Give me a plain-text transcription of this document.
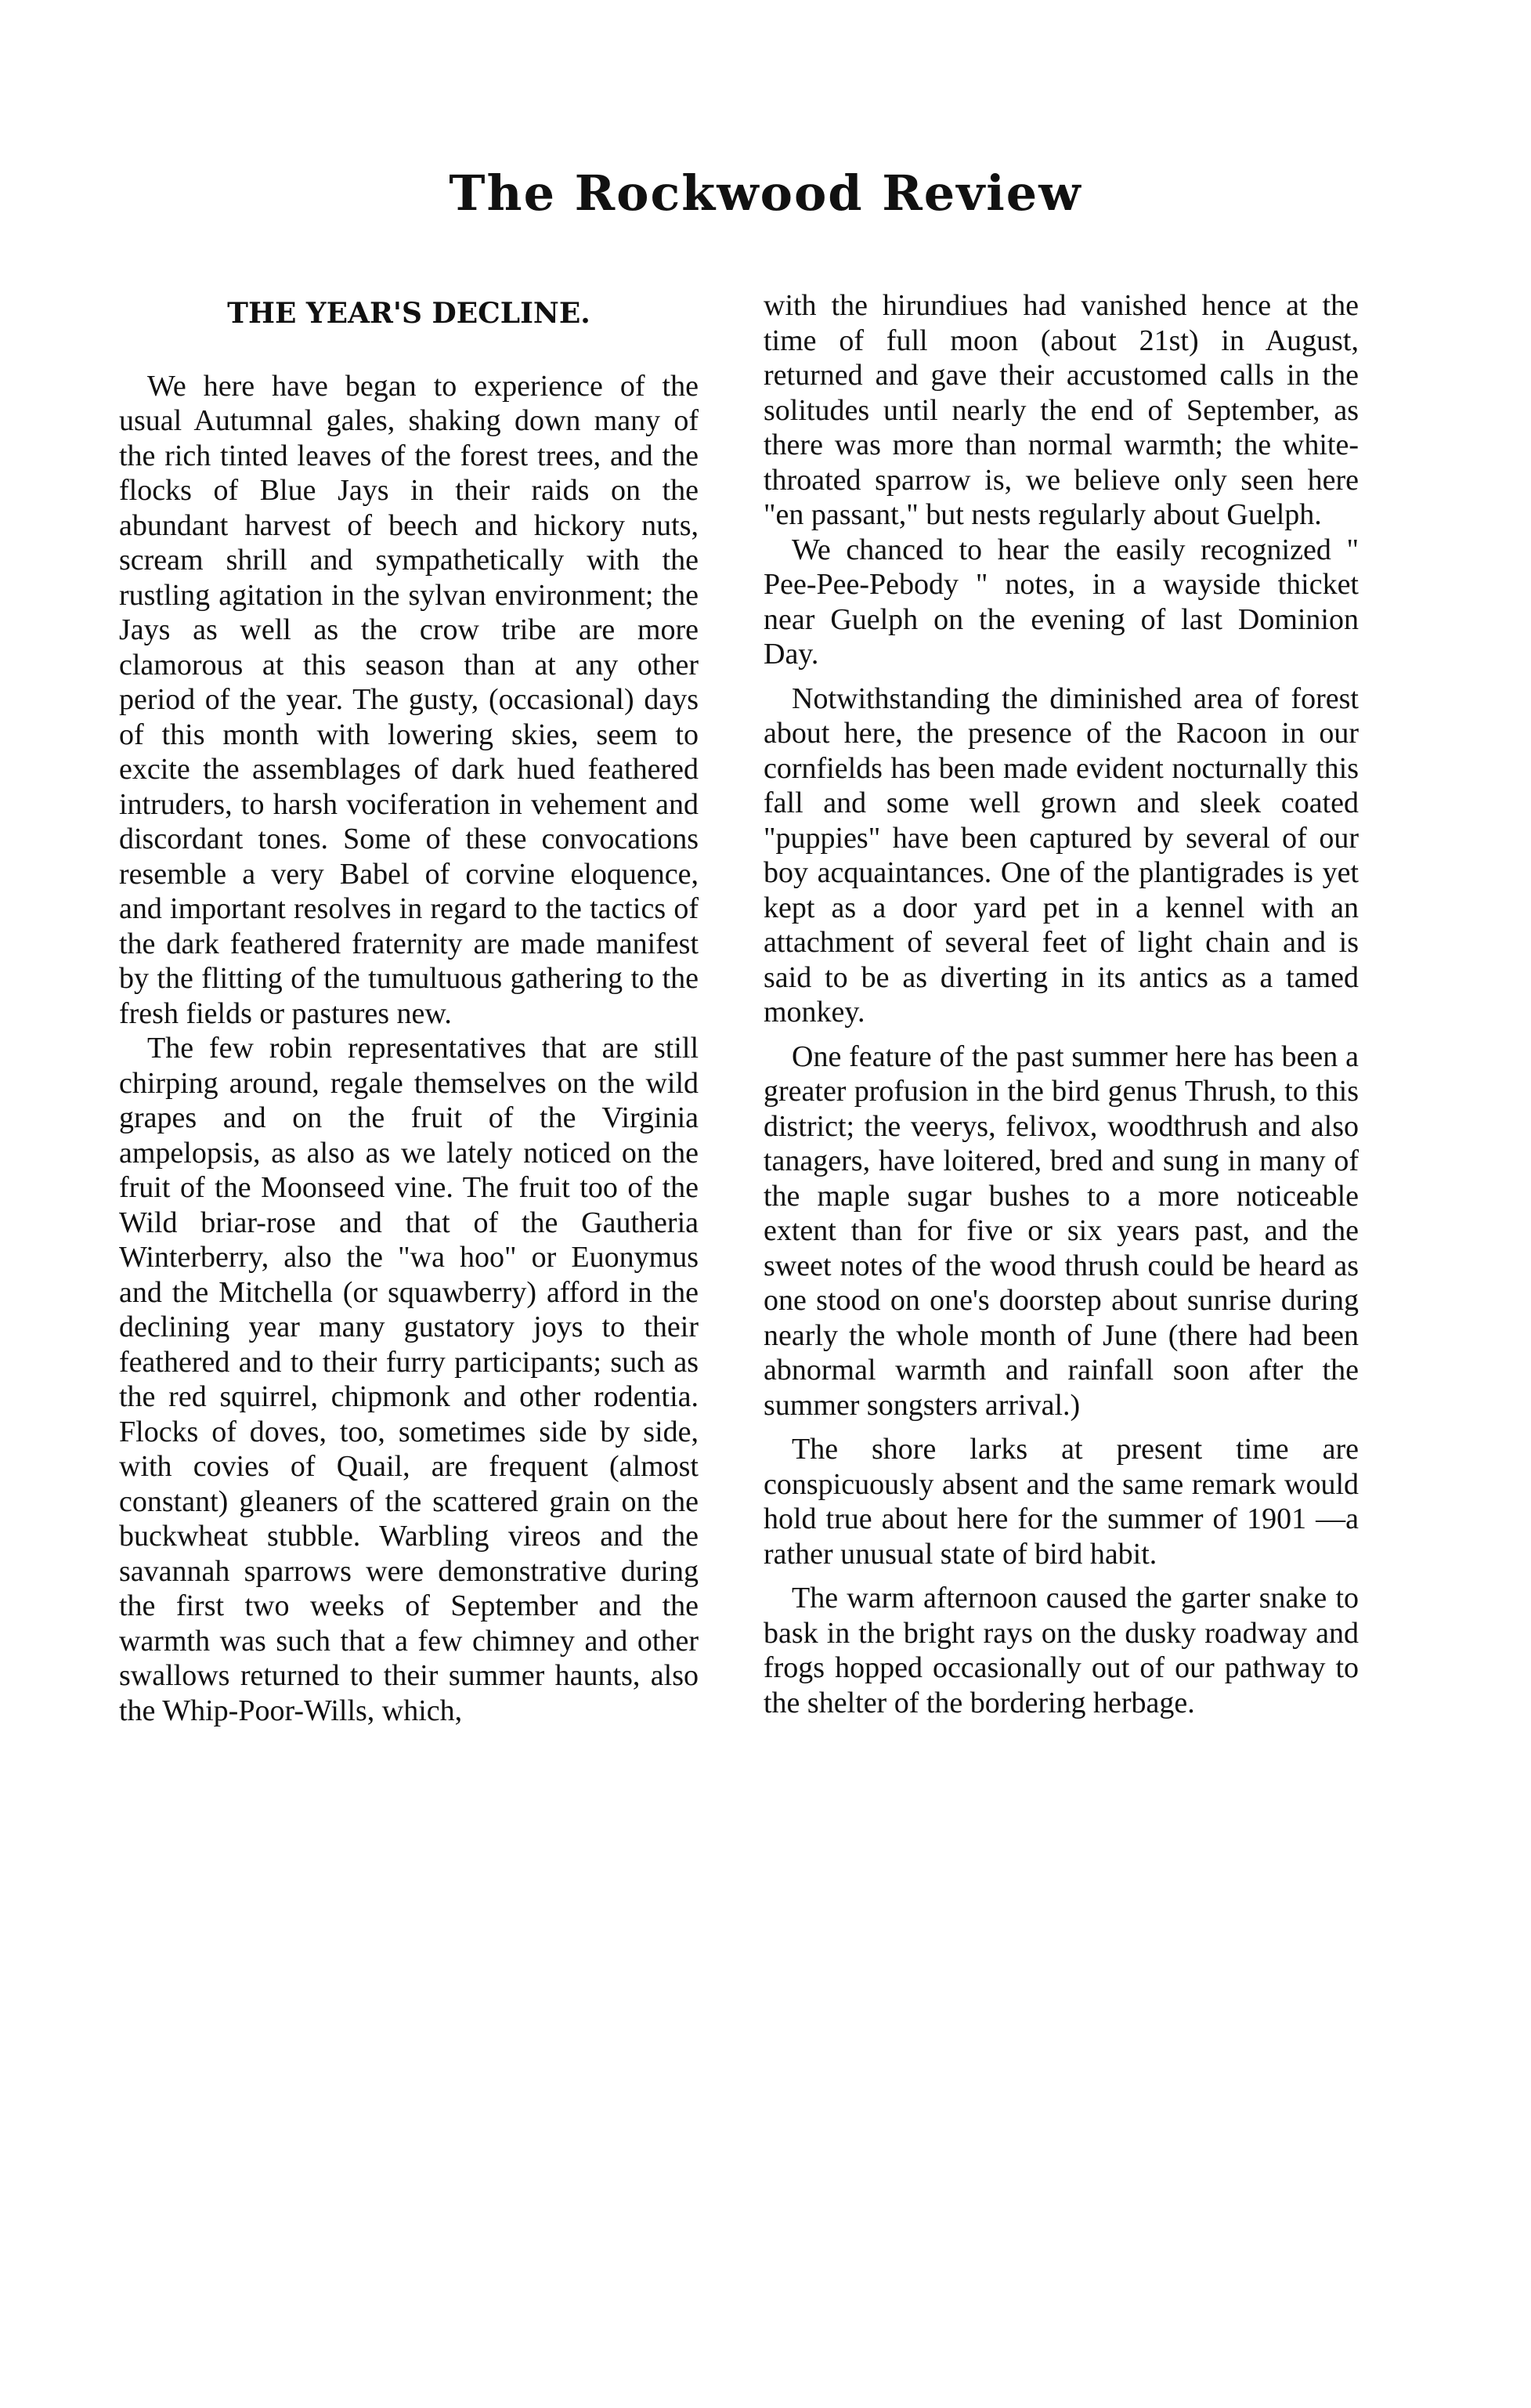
The Rockwood Review
THE YEAR'S DECLINE.

We here have began to experience of the usual Autumnal gales, shaking down many of the rich tinted leaves of the forest trees, and the flocks of Blue Jays in their raids on the abundant harvest of beech and hickory nuts, scream shrill and sympathetically with the rustling agitation in the sylvan environment; the Jays as well as the crow tribe are more clamorous at this season than at any other period of the year. The gusty, (occasional) days of this month with lowering skies, seem to excite the assemblages of dark hued feathered intruders, to harsh vociferation in vehement and discordant tones. Some of these convocations resemble a very Babel of corvine eloquence, and important resolves in regard to the tactics of the dark feathered fraternity are made manifest by the flitting of the tumultuous gathering to the fresh fields or pastures new.

The few robin representatives that are still chirping around, regale themselves on the wild grapes and on the fruit of the Virginia ampelopsis, as also as we lately noticed on the fruit of the Moonseed vine. The fruit too of the Wild briar-rose and that of the Gautheria Winterberry, also the "wa hoo" or Euonymus and the Mitchella (or squawberry) afford in the declining year many gustatory joys to their feathered and to their furry participants; such as the red squirrel, chipmonk and other rodentia. Flocks of doves, too, sometimes side by side, with covies of Quail, are frequent (almost constant) gleaners of the scattered grain on the buckwheat stubble. Warbling vireos and the savannah sparrows were demonstrative during the first two weeks of September and the warmth was such that a few chimney and other swallows returned to their summer haunts, also the Whip-Poor-Wills, which,

with the hirundiues had vanished hence at the time of full moon (about 21st) in August, returned and gave their accustomed calls in the solitudes until nearly the end of September, as there was more than normal warmth; the white-throated sparrow is, we believe only seen here "en passant," but nests regularly about Guelph.

We chanced to hear the easily recognized " Pee-Pee-Pebody " notes, in a wayside thicket near Guelph on the evening of last Dominion Day.

Notwithstanding the diminished area of forest about here, the presence of the Racoon in our cornfields has been made evident nocturnally this fall and some well grown and sleek coated "puppies" have been captured by several of our boy acquaintances. One of the plantigrades is yet kept as a door yard pet in a kennel with an attachment of several feet of light chain and is said to be as diverting in its antics as a tamed monkey.

One feature of the past summer here has been a greater profusion in the bird genus Thrush, to this district; the veerys, felivox, woodthrush and also tanagers, have loitered, bred and sung in many of the maple sugar bushes to a more noticeable extent than for five or six years past, and the sweet notes of the wood thrush could be heard as one stood on one's doorstep about sunrise during nearly the whole month of June (there had been abnormal warmth and rainfall soon after the summer songsters arrival.)

The shore larks at present time are conspicuously absent and the same remark would hold true about here for the summer of 1901 —a rather unusual state of bird habit.

The warm afternoon caused the garter snake to bask in the bright rays on the dusky roadway and frogs hopped occasionally out of our pathway to the shelter of the bordering herbage.
